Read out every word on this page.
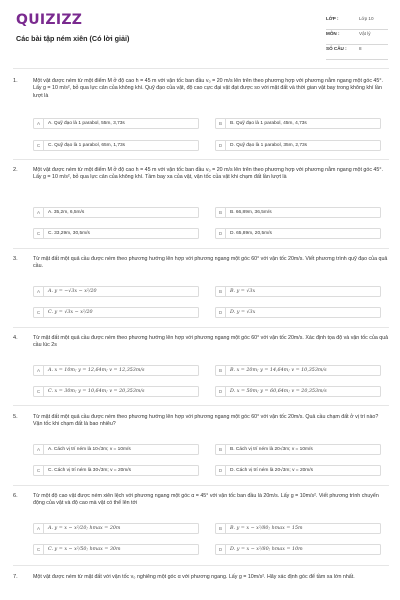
QUIZIZZ
Các bài tập ném xiên (Có lời giải)
LỚP :	Lớp 10
MÔN :	Vật lý
SỐ CÂU :	8
1.	Một vật được ném từ một điểm M ở độ cao h = 45 m với vận tốc ban đầu v₀ = 20 m/s lên trên theo phương hợp với phương nằm ngang một góc 45°. Lấy g = 10 m/s², bỏ qua lực cản của không khí. Quỹ đạo của vật, độ cao cực đại vật đạt được so với mặt đất và thời gian vật bay trong không khí lần lượt là
A	A. Quỹ đạo là 1 parabol, 55m, 3,73s	B	B. Quỹ đạo là 1 parabol, 45m, 4,73s
C	C. Quỹ đạo là 1 parabol, 65m, 1,73s	D	D. Quỹ đạo là 1 parabol, 35m, 2,73s
2.	Một vật được ném từ một điểm M ở độ cao h = 45 m với vận tốc ban đầu v₀ = 20 m/s lên trên theo phương hợp với phương nằm ngang một góc 45°. Lấy g = 10 m/s², bỏ qua lực cản của không khí. Tầm bay xa của vật, vận tốc của vật khi chạm đất lần lượt là
A	A. 35,2m, 6,5m/s	B	B. 66,89m, 36,5m/s
C	C. 33,29m, 30,5m/s	D	D. 65,89m, 20,5m/s
3.	Từ mặt đất một quả cầu được ném theo phương hướng lên hợp với phương ngang một góc 60° với vận tốc 20m/s. Viết phương trình quỹ đạo của quả cầu.
A	A. y = −√3x − x²/20	B	B. y = √3x
C	C. y = √3x − x²/20	D	D. y = √3x
4.	Từ mặt đất một quả cầu được ném theo phương hướng lên hợp với phương ngang một góc 60° với vận tốc 20m/s. Xác định tọa độ và vận tốc của quả cầu lúc 2s
A	A. x = 10m; y = 12,64m; v = 12,353m/s	B	B. x = 20m; y = 14,64m; v = 10,353m/s
C	C. x = 30m; y = 10,64m; v = 20,353m/s	D	D. x = 50m; y = 60,64m; v = 20,353m/s
5.	Từ mặt đất một quả cầu được ném theo phương hướng lên hợp với phương ngang một góc 60° với vận tốc 20m/s. Quả cầu chạm đất ở vị trí nào? Vận tốc khi chạm đất là bao nhiêu?
A	A. Cách vị trí ném là 10√3m; v = 10m/s	B	B. Cách vị trí ném là 20√3m; v = 10m/s
C	C. Cách vị trí ném là 30√3m; v = 20m/s	D	D. Cách vị trí ném là 20√3m; v = 20m/s
6.	Từ một độ cao vật được ném xiên lệch với phương ngang một góc α = 45° với vận tốc ban đầu là 20m/s. Lấy g = 10m/s². Viết phương trình chuyển động của vật và độ cao mà vật có thể lên tới
A	A. y = x − x²/20; hmax = 20m	B	B. y = x − x²/80; hmax = 15m
C	C. y = x − x²/50; hmax = 30m	D	D. y = x − x²/80; hmax = 10m
7.	Một vật được ném từ mặt đất với vận tốc v₀ nghiêng một góc α với phương ngang. Lấy g = 10m/s². Hãy xác định góc để tầm xa lớn nhất.
